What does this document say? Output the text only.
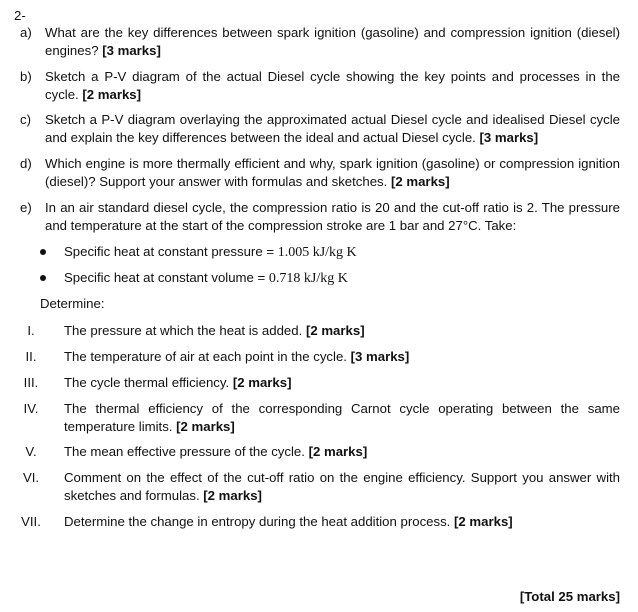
2-
a) What are the key differences between spark ignition (gasoline) and compression ignition (diesel) engines? [3 marks]
b) Sketch a P-V diagram of the actual Diesel cycle showing the key points and processes in the cycle. [2 marks]
c) Sketch a P-V diagram overlaying the approximated actual Diesel cycle and idealised Diesel cycle and explain the key differences between the ideal and actual Diesel cycle. [3 marks]
d) Which engine is more thermally efficient and why, spark ignition (gasoline) or compression ignition (diesel)? Support your answer with formulas and sketches. [2 marks]
e) In an air standard diesel cycle, the compression ratio is 20 and the cut-off ratio is 2. The pressure and temperature at the start of the compression stroke are 1 bar and 27°C. Take:
Specific heat at constant pressure = 1.005 kJ/kg K
Specific heat at constant volume = 0.718 kJ/kg K
Determine:
I.	The pressure at which the heat is added. [2 marks]
II.	The temperature of air at each point in the cycle. [3 marks]
III. The cycle thermal efficiency. [2 marks]
IV. The thermal efficiency of the corresponding Carnot cycle operating between the same temperature limits. [2 marks]
V.	The mean effective pressure of the cycle. [2 marks]
VI. Comment on the effect of the cut-off ratio on the engine efficiency. Support you answer with sketches and formulas. [2 marks]
VII. Determine the change in entropy during the heat addition process. [2 marks]
[Total 25 marks]
